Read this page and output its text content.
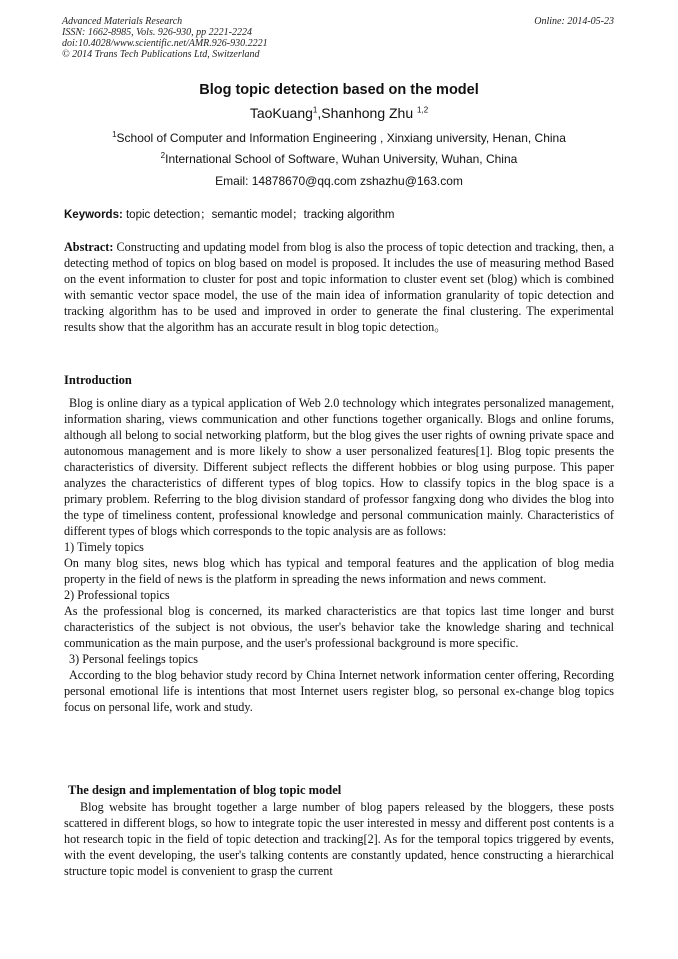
Advanced Materials Research
ISSN: 1662-8985, Vols. 926-930, pp 2221-2224
doi:10.4028/www.scientific.net/AMR.926-930.2221
© 2014 Trans Tech Publications Ltd, Switzerland
Online: 2014-05-23
Blog topic detection based on the model
TaoKuang$^1$,Shanhong Zhu $^{1,2}$
$^1$School of Computer and Information Engineering , Xinxiang university, Henan, China
$^2$International School of Software, Wuhan University, Wuhan, China
Email: 14878670@qq.com zshazhu@163.com
Keywords: topic detection；semantic model；tracking algorithm

Abstract: Constructing and updating model from blog is also the process of topic detection and tracking, then, a detecting method of topics on blog based on model is proposed. It includes the use of measuring method Based on the event information to cluster for post and topic information to cluster event set (blog) which is combined with semantic vector space model, the use of the main idea of information granularity of topic detection and tracking algorithm has to be used and improved in order to generate the final clustering. The experimental results show that the algorithm has an accurate result in blog topic detection。

Introduction

Blog is online diary as a typical application of Web 2.0 technology which integrates personalized management, information sharing, views communication and other functions together organically. Blogs and online forums, although all belong to social networking platform, but the blog gives the user rights of owning private space and autonomous management and is more likely to show a user personalized features[1]. Blog topic presents the characteristics of diversity. Different subject reflects the different hobbies or blog using purpose. This paper analyzes the characteristics of different types of blog topics. How to classify topics in the blog space is a primary problem. Referring to the blog division standard of professor fangxing dong who divides the blog into the type of timeliness content, professional knowledge and personal communication mainly. Characteristics of different types of blogs which corresponds to the topic analysis are as follows:

1) Timely topics

On many blog sites, news blog which has typical and temporal features and the application of blog media property in the field of news is the platform in spreading the news information and news comment.

2) Professional topics

As the professional blog is concerned, its marked characteristics are that topics last time longer and burst characteristics of the subject is not obvious, the user's behavior take the knowledge sharing and technical communication as the main purpose, and the user's professional background is more specific.

3) Personal feelings topics

According to the blog behavior study record by China Internet network information center offering, Recording personal emotional life is intentions that most Internet users register blog, so personal ex-change blog topics focus on personal life, work and study.

The design and implementation of blog topic model

Blog website has brought together a large number of blog papers released by the bloggers, these posts scattered in different blogs, so how to integrate topic the user interested in messy and different post contents is a hot research topic in the field of topic detection and tracking[2]. As for the temporal topics triggered by events, with the event developing, the user's talking contents are constantly updated, hence constructing a hierarchical structure topic model is convenient to grasp the current
